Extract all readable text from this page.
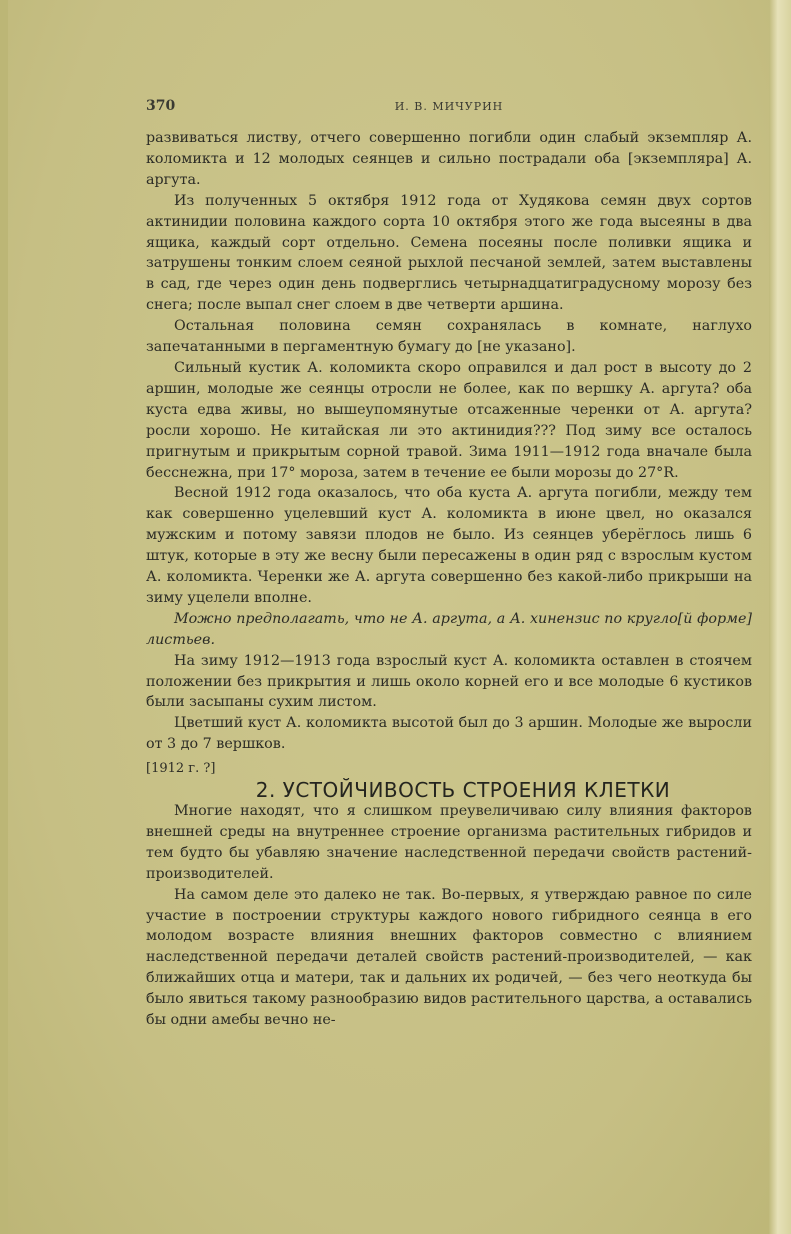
370	И. В. МИЧУРИН

развиваться листву, отчего совершенно погибли один слабый экземпляр А. коломикта и 12 молодых сеянцев и сильно пострадали оба [экземпляра] А. аргута.

Из полученных 5 октября 1912 года от Худякова семян двух сортов актинидии половина каждого сорта 10 октября этого же года высеяны в два ящика, каждый сорт отдельно. Семена посеяны после поливки ящика и затрушены тонким слоем сеяной рыхлой песчаной землей, затем выставлены в сад, где через один день подверглись четырнадцатиградусному морозу без снега; после выпал снег слоем в две четверти аршина.

Остальная половина семян сохранялась в комнате, наглухо запечатанными в пергаментную бумагу до [не указано].

Сильный кустик А. коломикта скоро оправился и дал рост в высоту до 2 аршин, молодые же сеянцы отросли не более, как по вершку А. аргута? оба куста едва живы, но вышеупомянутые отсаженные черенки от А. аргута? росли хорошо. Не китайская ли это актинидия??? Под зиму все осталось пригнутым и прикрытым сорной травой. Зима 1911—1912 года вначале была бесснежна, при 17° мороза, затем в течение ее были морозы до 27°R.

Весной 1912 года оказалось, что оба куста А. аргута погибли, между тем как совершенно уцелевший куст А. коломикта в июне цвел, но оказался мужским и потому завязи плодов не было. Из сеянцев уберёглось лишь 6 штук, которые в эту же весну были пересажены в один ряд с взрослым кустом А. коломикта. Черенки же А. аргута совершенно без какой-либо прикрыши на зиму уцелели вполне.

Можно предполагать, что не А. аргута, а А. хинензис по круглo[й форме] листьев.

На зиму 1912—1913 года взрослый куст А. коломикта оставлен в стоячем положении без прикрытия и лишь около корней его и все молодые 6 кустиков были засыпаны сухим листом.

Цветший куст А. коломикта высотой был до 3 аршин. Молодые же выросли от 3 до 7 вершков.

[1912 г. ?]

2. УСТОЙЧИВОСТЬ СТРОЕНИЯ КЛЕТКИ

Многие находят, что я слишком преувеличиваю силу влияния факторов внешней среды на внутреннее строение организма растительных гибридов и тем будто бы убавляю значение наследственной передачи свойств растений-производителей.

На самом деле это далеко не так. Во-первых, я утверждаю равное по силе участие в построении структуры каждого нового гибридного сеянца в его молодом возрасте влияния внешних факторов совместно с влиянием наследственной передачи деталей свойств растений-производителей, — как ближайших отца и матери, так и дальних их родичей, — без чего неоткуда бы было явиться такому разнообразию видов растительного царства, а оставались бы одни амебы вечно не-
